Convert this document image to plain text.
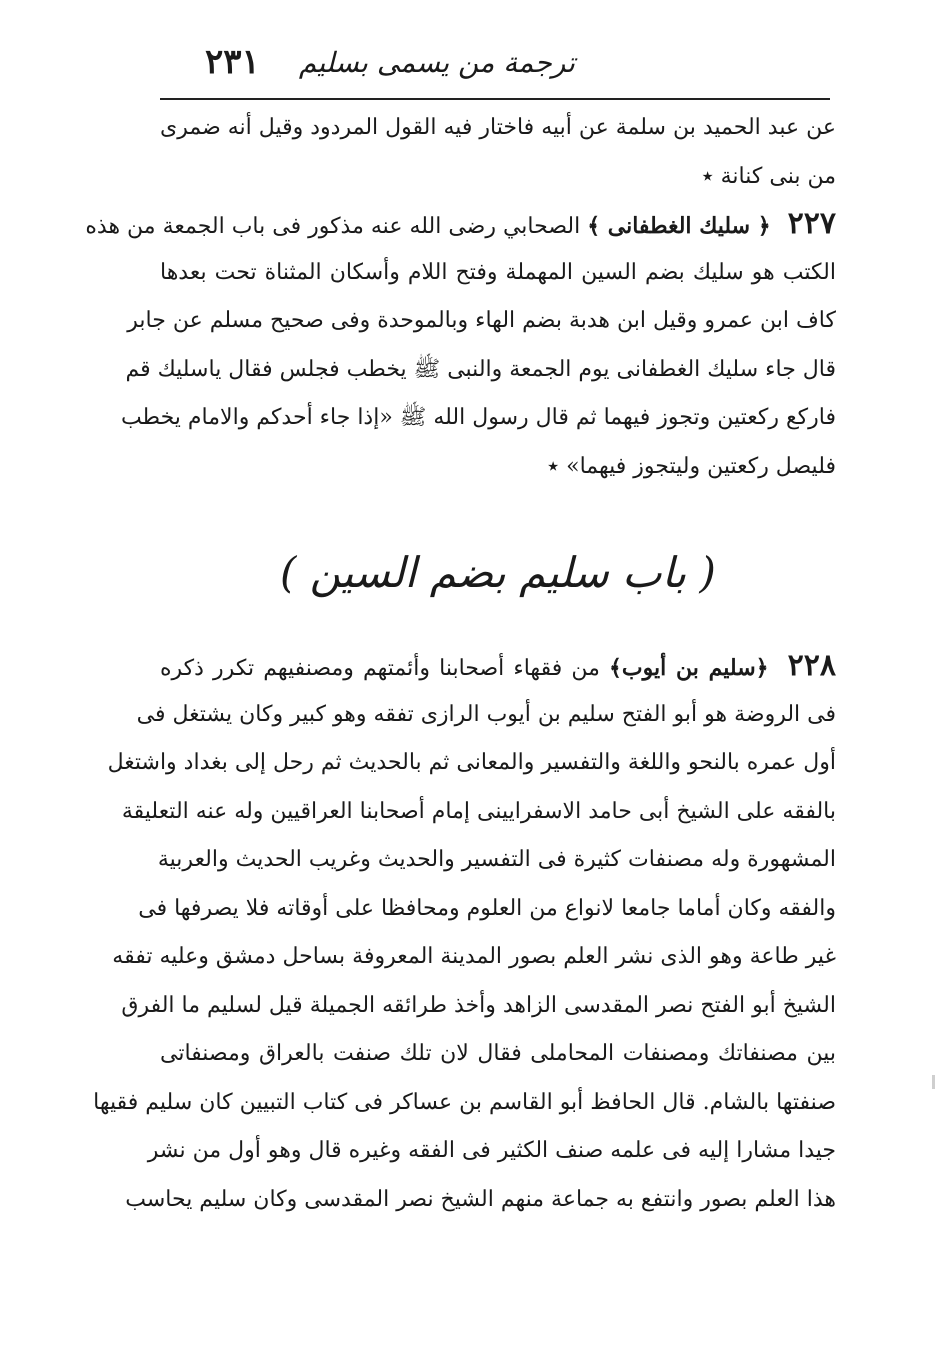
ترجمة من يسمى بسليم
٢٣١
عن عبد الحميد بن سلمة عن أبيه فاختار فيه القول المردود وقيل أنه ضمرى
من بنى كنانة ٭
٢٢٧ ﴿ سليك الغطفانى ﴾ الصحابي رضى الله عنه مذكور فى باب الجمعة من هذه
الكتب هو سليك بضم السين المهملة وفتح اللام وأسكان المثناة تحت بعدها
كاف ابن عمرو وقيل ابن هدبة بضم الهاء وبالموحدة وفى صحيح مسلم عن جابر
قال جاء سليك الغطفانى يوم الجمعة والنبى ﷺ يخطب فجلس فقال ياسليك قم
فاركع ركعتين وتجوز فيهما ثم قال رسول الله ﷺ «إذا جاء أحدكم والامام يخطب
فليصل ركعتين وليتجوز فيهما» ٭
( باب سليم بضم السين )
٢٢٨ ﴿سليم بن أيوب﴾ من فقهاء أصحابنا وأئمتهم ومصنفيهم تكرر ذكره
فى الروضة هو أبو الفتح سليم بن أيوب الرازى تفقه وهو كبير وكان يشتغل فى
أول عمره بالنحو واللغة والتفسير والمعانى ثم بالحديث ثم رحل إلى بغداد واشتغل
بالفقه على الشيخ أبى حامد الاسفرايينى إمام أصحابنا العراقيين وله عنه التعليقة
المشهورة وله مصنفات كثيرة فى التفسير والحديث وغريب الحديث والعربية
والفقه وكان أماما جامعا لانواع من العلوم ومحافظا على أوقاته فلا يصرفها فى
غير طاعة وهو الذى نشر العلم بصور المدينة المعروفة بساحل دمشق وعليه تفقه
الشيخ أبو الفتح نصر المقدسى الزاهد وأخذ طرائقه الجميلة قيل لسليم ما الفرق
بين مصنفاتك ومصنفات المحاملى فقال لان تلك صنفت بالعراق ومصنفاتى
صنفتها بالشام. قال الحافظ أبو القاسم بن عساكر فى كتاب التبيين كان سليم فقيها
جيدا مشارا إليه فى علمه صنف الكثير فى الفقه وغيره قال وهو أول من نشر
هذا العلم بصور وانتفع به جماعة منهم الشيخ نصر المقدسى وكان سليم يحاسب
